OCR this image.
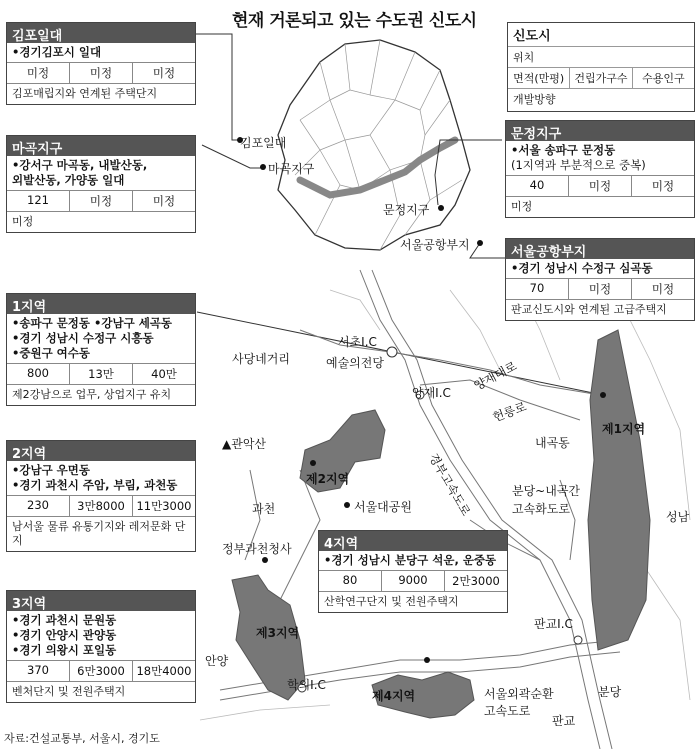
현재 거론되고 있는 수도권 신도시
신도시
위치
면적(만평) 건립가구수	수용인구
개발방향
김포일대
•경기김포시 일대
미정	미정	미정
김포매립지와 연계된 주택단지
마곡지구
•강서구 마곡동, 내발산동,
외발산동, 가양동 일대
121	미정	미정
미정
문정지구
•서울 송파구 문정동
(1지역과 부분적으로 중복)
40	미정	미정
미정
서울공항부지
•경기 성남시 수정구 심곡동
70	미정	미정
판교신도시와 연계된 고급주택지
1지역
•송파구 문정동 •강남구 세곡동
•경기 성남시 수정구 시흥동
•중원구 여수동
800	13만	40만
제2강남으로 업무, 상업지구 유치
2지역
•강남구 우면동
•경기 과천시 주암, 부림, 과천동
230	3만8000	11만3000
남서울 물류 유통기지와 레저문화 단지
3지역
•경기 과천시 문원동
•경기 안양시 관양동
•경기 의왕시 포일동
370	6만3000	18만4000
벤처단지 및 전원주택지
4지역
•경기 성남시 분당구 석운, 운중동
80	9000	2만3000
산학연구단지 및 전원주택지
김포일대
마곡지구
문정지구
서울공항부지
서초I.C
예술의전당
사당네거리
양재I.C 양재대로
헌릉로
내곡동
제1지역
▲관악산
제2지역
서울대공원
과천	경부고속도로	분당~내곡간
고속화도로
성남
정부과천청사
제3지역
안양
판교I.C
학의I.C
제4지역	서울외곽순환
고속도로
분당
판교
자료:건설교통부, 서울시, 경기도
